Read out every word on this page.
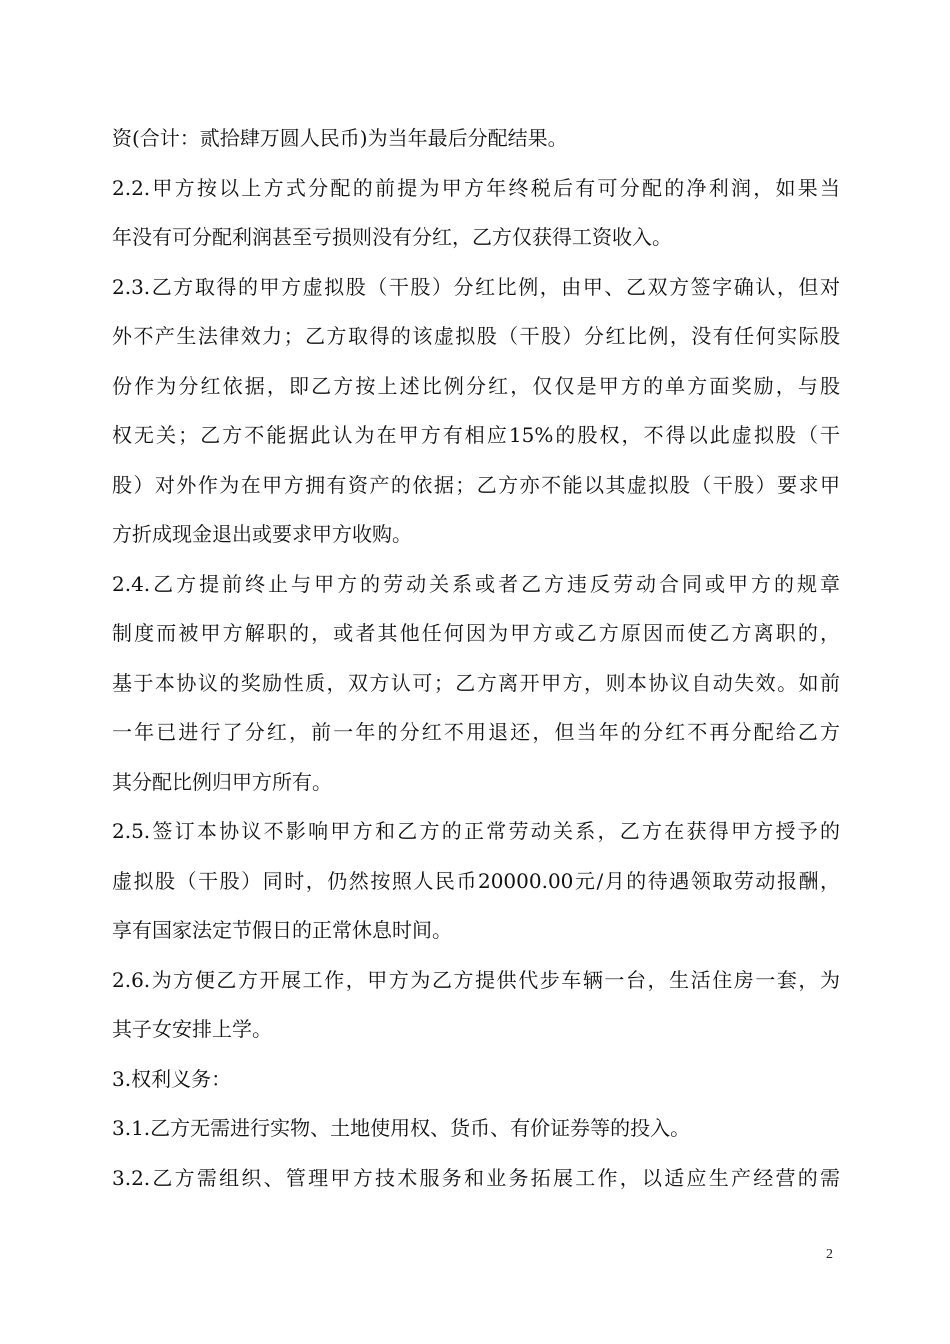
资(合计：贰拾肆万圆人民币)为当年最后分配结果。
2.2.甲方按以上方式分配的前提为甲方年终税后有可分配的净利润，如果当
年没有可分配利润甚至亏损则没有分红，乙方仅获得工资收入。
2.3.乙方取得的甲方虚拟股（干股）分红比例，由甲、乙双方签字确认，但对
外不产生法律效力；乙方取得的该虚拟股（干股）分红比例，没有任何实际股
份作为分红依据，即乙方按上述比例分红，仅仅是甲方的单方面奖励，与股
权无关；乙方不能据此认为在甲方有相应15%的股权，不得以此虚拟股（干
股）对外作为在甲方拥有资产的依据；乙方亦不能以其虚拟股（干股）要求甲
方折成现金退出或要求甲方收购。
2.4.乙方提前终止与甲方的劳动关系或者乙方违反劳动合同或甲方的规章
制度而被甲方解职的，或者其他任何因为甲方或乙方原因而使乙方离职的，
基于本协议的奖励性质，双方认可；乙方离开甲方，则本协议自动失效。如前
一年已进行了分红，前一年的分红不用退还，但当年的分红不再分配给乙方
其分配比例归甲方所有。
2.5.签订本协议不影响甲方和乙方的正常劳动关系，乙方在获得甲方授予的
虚拟股（干股）同时，仍然按照人民币20000.00元/月的待遇领取劳动报酬，
享有国家法定节假日的正常休息时间。
2.6.为方便乙方开展工作，甲方为乙方提供代步车辆一台，生活住房一套，为
其子女安排上学。
3.权利义务：
3.1.乙方无需进行实物、土地使用权、货币、有价证券等的投入。
3.2.乙方需组织、管理甲方技术服务和业务拓展工作，以适应生产经营的需
2
